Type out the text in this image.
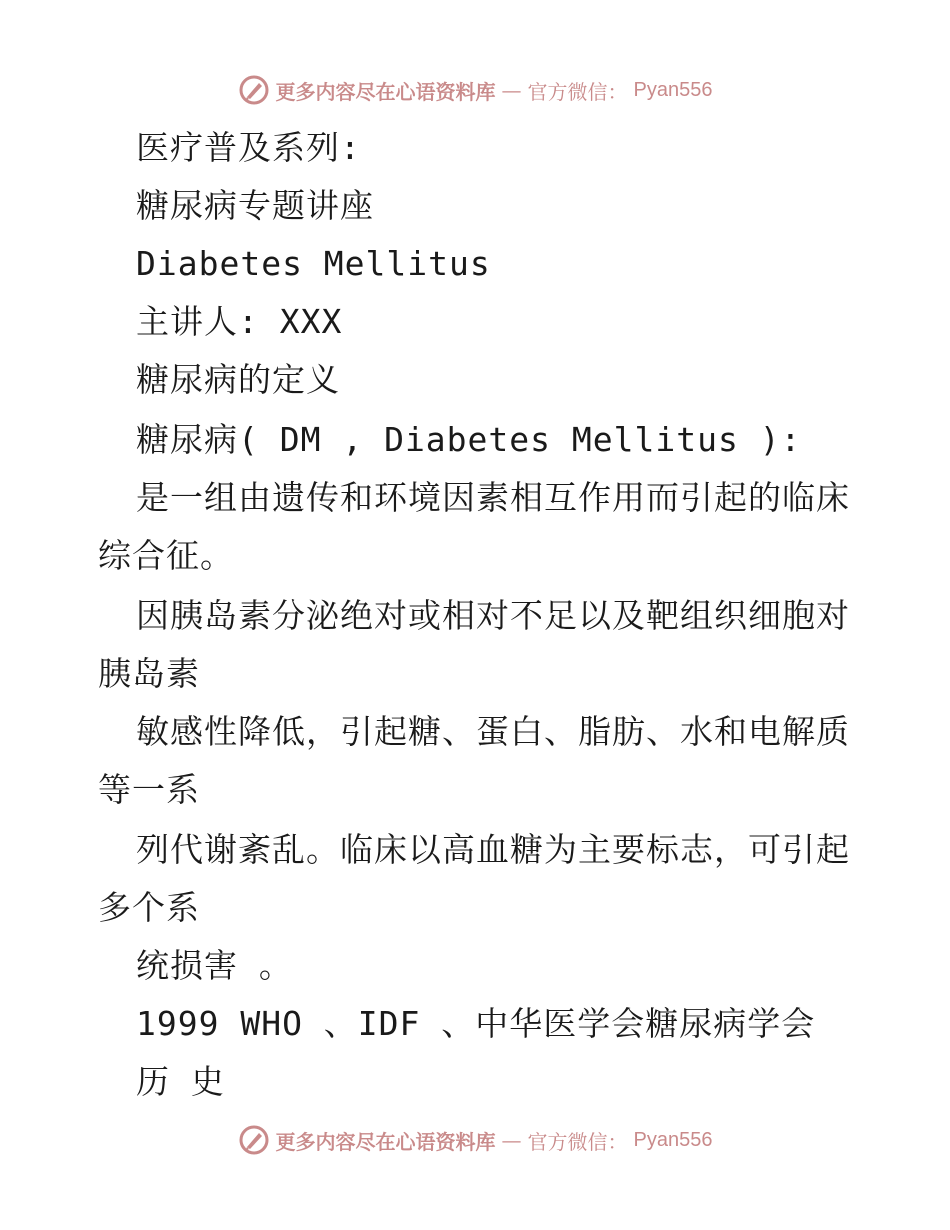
更多内容尽在心语资料库 — 官方微信： Pyan556
医疗普及系列:
糖尿病专题讲座
Diabetes Mellitus
主讲人: XXX
糖尿病的定义
糖尿病( DM , Diabetes Mellitus ):
是一组由遗传和环境因素相互作用而引起的临床
综合征。
因胰岛素分泌绝对或相对不足以及靶组织细胞对
胰岛素
敏感性降低，引起糖、蛋白、脂肪、水和电解质
等一系
列代谢紊乱。临床以高血糖为主要标志，可引起
多个系
统损害 。
1999 WHO 、IDF 、中华医学会糖尿病学会
历 史
更多内容尽在心语资料库 — 官方微信： Pyan556
